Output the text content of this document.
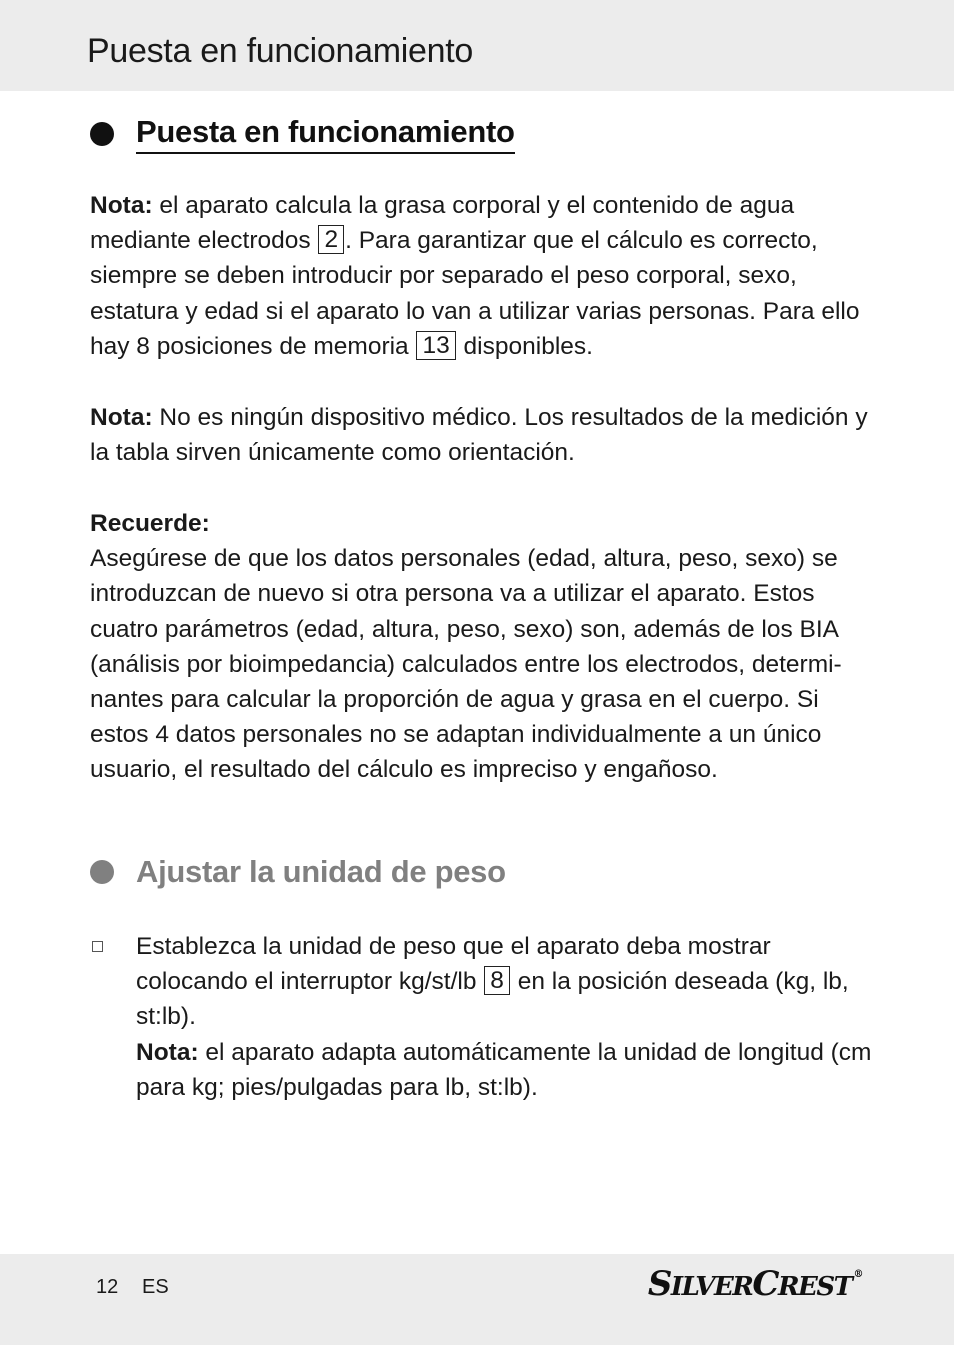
Puesta en funcionamiento
Puesta en funcionamiento
Nota: el aparato calcula la grasa corporal y el contenido de agua mediante electrodos 2 . Para garantizar que el cálculo es correcto, siempre se deben introducir por separado el peso corporal, sexo, estatura y edad si el aparato lo van a utilizar varias personas. Para ello hay 8 posiciones de memoria 13 disponibles.
Nota: No es ningún dispositivo médico. Los resultados de la medición y la tabla sirven únicamente como orientación.
Recuerde:
Asegúrese de que los datos personales (edad, altura, peso, sexo) se introduzcan de nuevo si otra persona va a utilizar el aparato. Estos cuatro parámetros (edad, altura, peso, sexo) son, además de los BIA (análisis por bioimpedancia) calculados entre los electrodos, determi-nantes para calcular la proporción de agua y grasa en el cuerpo. Si estos 4 datos personales no se adaptan individualmente a un único usuario, el resultado del cálculo es impreciso y engañoso.
Ajustar la unidad de peso
Establezca la unidad de peso que el aparato deba mostrar colocando el interruptor kg/st/lb 8 en la posición deseada (kg, lb, st:lb).
Nota: el aparato adapta automáticamente la unidad de longitud (cm para kg; pies/pulgadas para lb, st:lb).
12 ES	SILVERCREST ®
